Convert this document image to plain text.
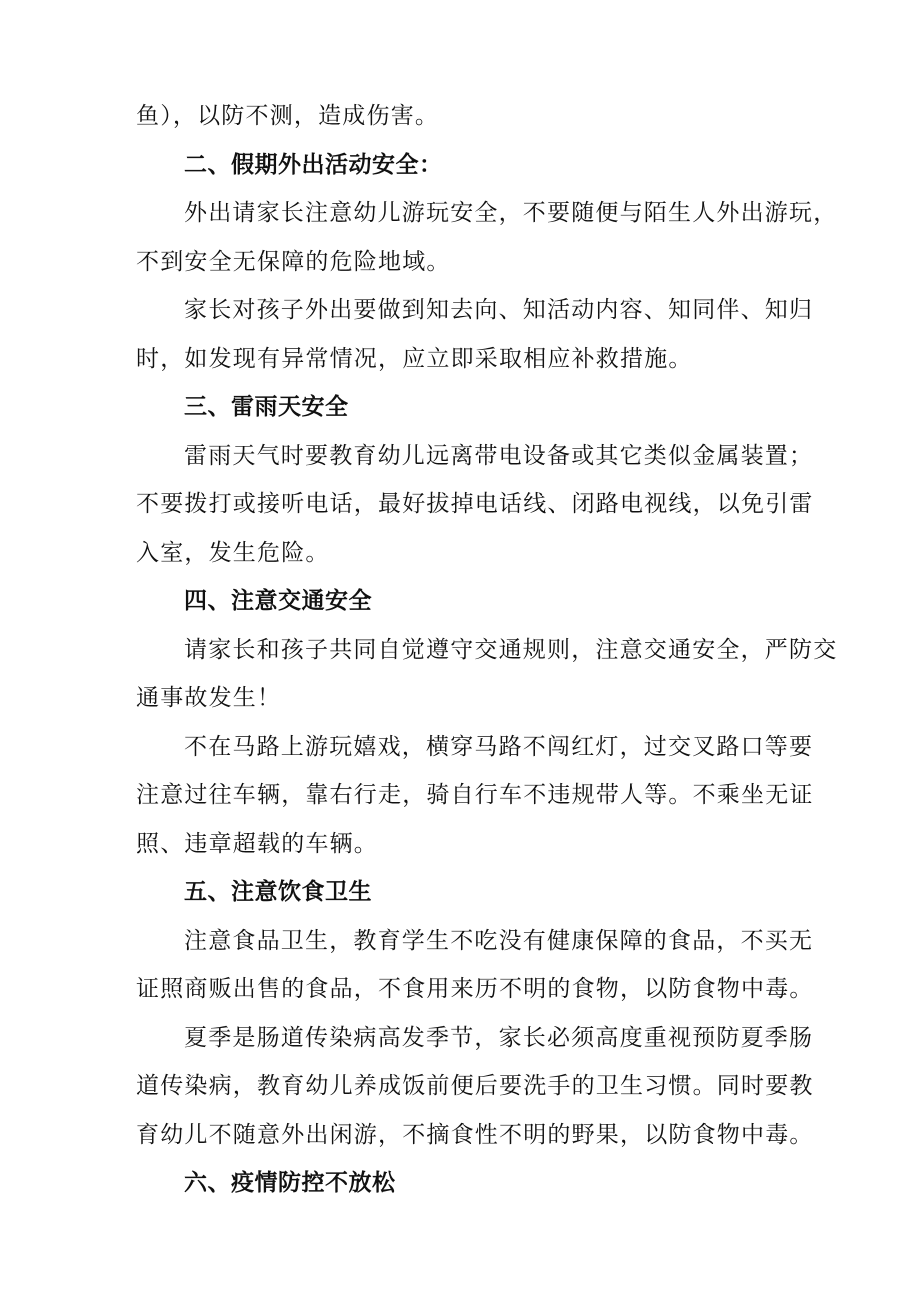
鱼），以防不测，造成伤害。
二、假期外出活动安全：
外出请家长注意幼儿游玩安全，不要随便与陌生人外出游玩，
不到安全无保障的危险地域。
家长对孩子外出要做到知去向、知活动内容、知同伴、知归
时，如发现有异常情况，应立即采取相应补救措施。
三、雷雨天安全
雷雨天气时要教育幼儿远离带电设备或其它类似金属装置；
不要拨打或接听电话，最好拔掉电话线、闭路电视线，以免引雷
入室，发生危险。
四、注意交通安全
请家长和孩子共同自觉遵守交通规则，注意交通安全，严防交
通事故发生！
不在马路上游玩嬉戏，横穿马路不闯红灯，过交叉路口等要
注意过往车辆，靠右行走，骑自行车不违规带人等。不乘坐无证
照、违章超载的车辆。
五、注意饮食卫生
注意食品卫生，教育学生不吃没有健康保障的食品，不买无
证照商贩出售的食品，不食用来历不明的食物，以防食物中毒。
夏季是肠道传染病高发季节，家长必须高度重视预防夏季肠
道传染病，教育幼儿养成饭前便后要洗手的卫生习惯。同时要教
育幼儿不随意外出闲游，不摘食性不明的野果，以防食物中毒。
六、疫情防控不放松
